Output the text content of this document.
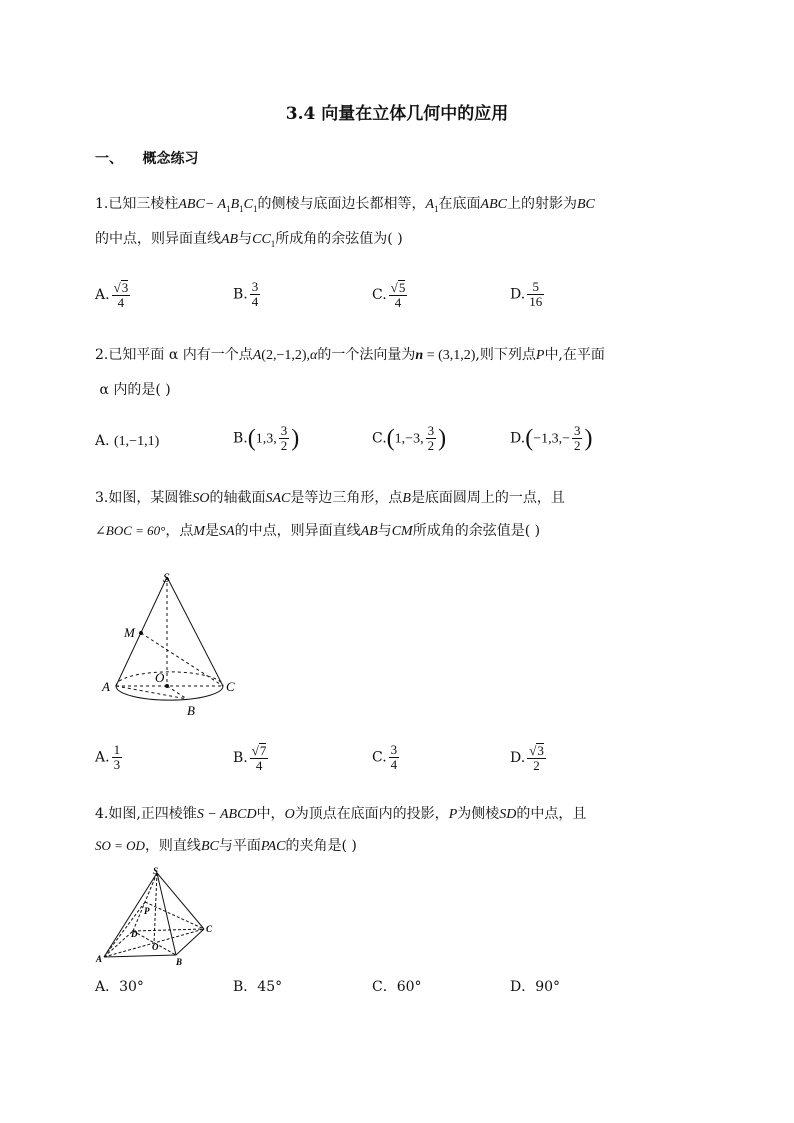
3.4 向量在立体几何中的应用
一、    概念练习
1.已知三棱柱$ABC- A_1B_1C_1$的侧棱与底面边长都相等，$A_1$在底面ABC上的射影为BC
的中点，则异面直线AB与$CC_1$所成角的余弦值为( )
A. $\frac{√3}{4}$	B. $\frac{3}{4}$	C. $\frac{√5}{4}$	D. $\frac{5}{16}$
2.已知平面 α 内有一个点A(2,−1,2),α的一个法向量为n = (3,1,2),则下列点P中,在平面
α 内的是( )
A. (1,−1,1)	B.(1,3, $\frac{3}{2}$ )	C.(1,−3, $\frac{3}{2}$ )	$D.(-1,3,- \frac{3}{2}$ )
3.如图，某圆锥SO的轴截面SAC是等边三角形，点B是底面圆周上的一点，且
∠BOC = 60°，点M是SA的中点，则异面直线AB与CM所成角的余弦值是( )
S
M
A
O
C
B
A. $\frac{1}{3}$	B. $\frac{√7}{4}$	C. $\frac{3}{4}$	D. $\frac{√3}{2}$
4.如图,正四棱锥S − ABCD中，O为顶点在底面内的投影，P为侧棱SD的中点，且
SO = OD，则直线BC与平面PAC的夹角是( )
S
P
D	C
O
A	B
A．30°	B．45°	C．60°	D．90°
